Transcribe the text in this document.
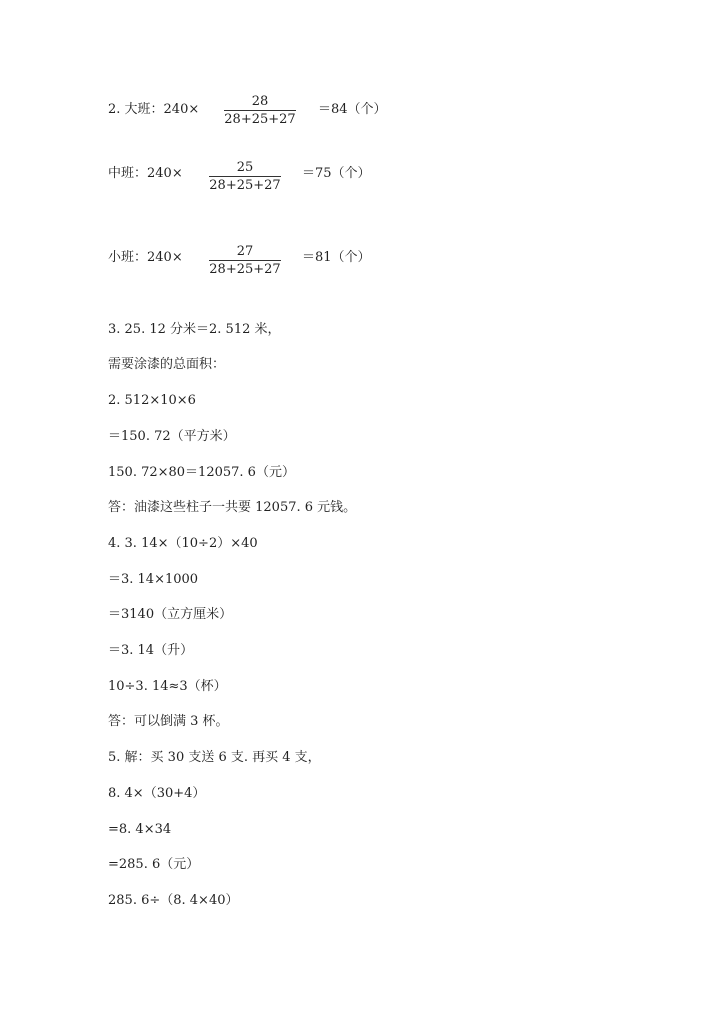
2. 大班：240×
28
28+25+27
＝84（个）
中班：240×	25
28+25+27
＝75（个）
小班：240×	27
28+25+27
＝81（个）
3. 25. 12 分米＝2. 512 米，
需要涂漆的总面积：
2. 512×10×6
＝150. 72（平方米）
150. 72×80＝12057. 6（元）
答：油漆这些柱子一共要 12057. 6 元钱。
4. 3. 14×（10÷2）×40
＝3. 14×1000
＝3140（立方厘米）
＝3. 14（升）
10÷3. 14≈3（杯）
答：可以倒满 3 杯。
5. 解：买 30 支送 6 支. 再买 4 支，
8. 4×（30+4）
=8. 4×34
=285. 6（元）
285. 6÷（8. 4×40）
